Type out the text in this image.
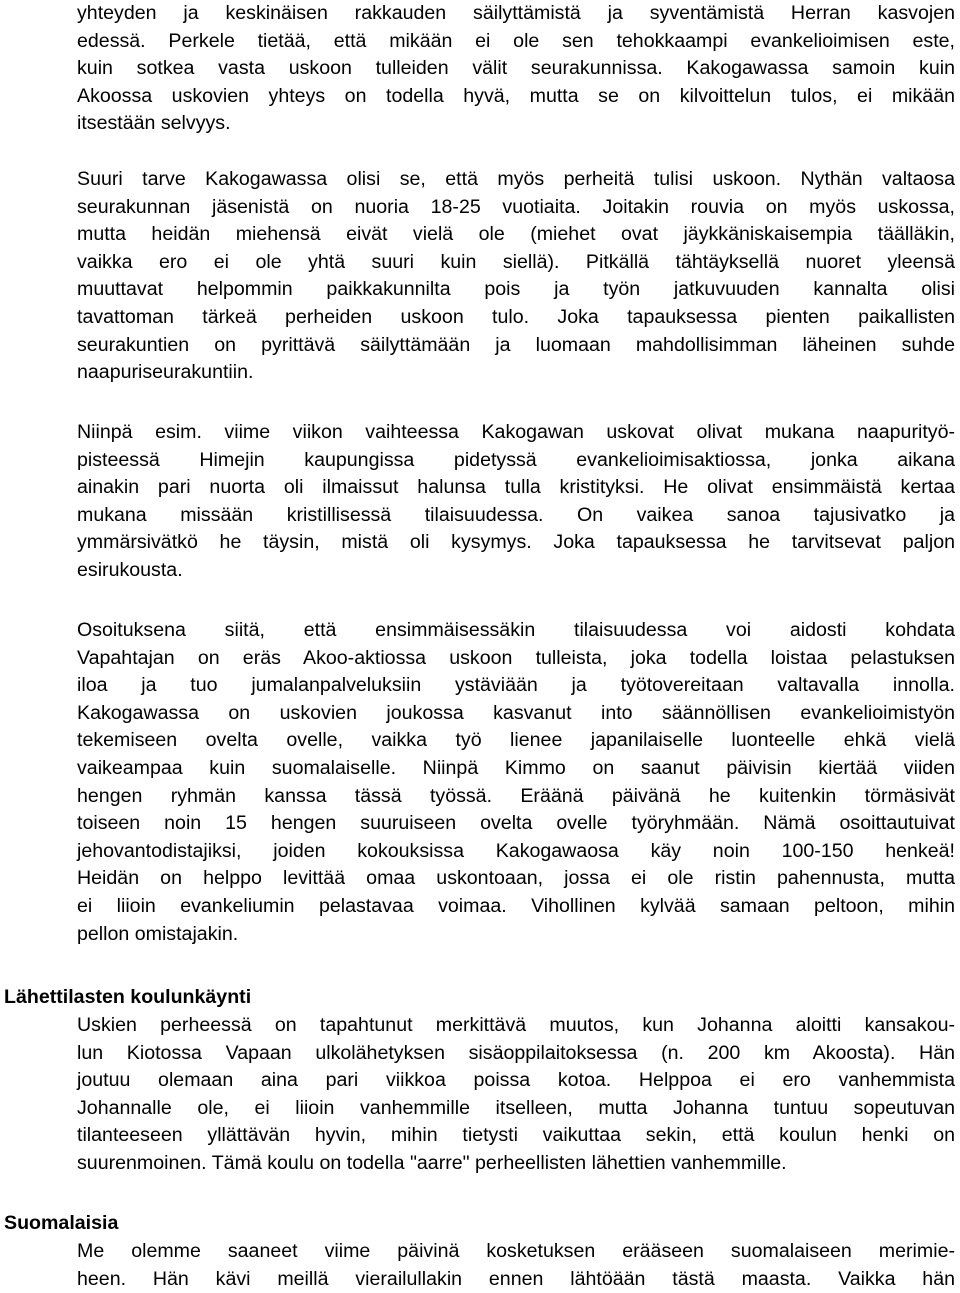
yhteyden ja keskinäisen rakkauden säilyttämistä ja syventämistä Herran kasvojen
edessä. Perkele tietää, että mikään ei ole sen tehokkaampi evankelioimisen este,
kuin sotkea vasta uskoon tulleiden välit seurakunnissa. Kakogawassa samoin kuin
Akoossa uskovien yhteys on todella hyvä, mutta se on kilvoittelun tulos, ei mikään
itsestään selvyys.
Suuri tarve Kakogawassa olisi se, että myös perheitä tulisi uskoon. Nythän valtaosa
seurakunnan jäsenistä on nuoria 18-25 vuotiaita. Joitakin rouvia on myös uskossa,
mutta heidän miehensä eivät vielä ole (miehet ovat jäykkäniskaisempia täälläkin,
vaikka ero ei ole yhtä suuri kuin siellä). Pitkällä tähtäyksellä nuoret yleensä
muuttavat helpommin paikkakunnilta pois ja työn jatkuvuuden kannalta olisi
tavattoman tärkeä perheiden uskoon tulo. Joka tapauksessa pienten paikallisten
seurakuntien on pyrittävä säilyttämään ja luomaan mahdollisimman läheinen suhde
naapuriseurakuntiin.
Niinpä esim. viime viikon vaihteessa Kakogawan uskovat olivat mukana naapurityö-
pisteessä Himejin kaupungissa pidetyssä evankelioimisaktiossa, jonka aikana
ainakin pari nuorta oli ilmaissut halunsa tulla kristityksi. He olivat ensimmäistä kertaa
mukana missään kristillisessä tilaisuudessa. On vaikea sanoa tajusivatko ja
ymmärsivätkö he täysin, mistä oli kysymys. Joka tapauksessa he tarvitsevat paljon
esirukousta.
Osoituksena siitä, että ensimmäisessäkin tilaisuudessa voi aidosti kohdata
Vapahtajan on eräs Akoo-aktiossa uskoon tulleista, joka todella loistaa pelastuksen
iloa ja tuo jumalanpalveluksiin ystäviään ja työtovereitaan valtavalla innolla.
Kakogawassa on uskovien joukossa kasvanut into säännöllisen evankelioimistyön
tekemiseen ovelta ovelle, vaikka työ lienee japanilaiselle luonteelle ehkä vielä
vaikeampaa kuin suomalaiselle. Niinpä Kimmo on saanut päivisin kiertää viiden
hengen ryhmän kanssa tässä työssä. Eräänä päivänä he kuitenkin törmäsivät
toiseen noin 15 hengen suuruiseen ovelta ovelle työryhmään. Nämä osoittautuivat
jehovantodistajiksi, joiden kokouksissa Kakogawaosa käy noin 100-150 henkeä!
Heidän on helppo levittää omaa uskontoaan, jossa ei ole ristin pahennusta, mutta
ei liioin evankeliumin pelastavaa voimaa. Vihollinen kylvää samaan peltoon, mihin
pellon omistajakin.
Lähettilasten koulunkäynti
Uskien perheessä on tapahtunut merkittävä muutos, kun Johanna aloitti kansakou-
lun Kiotossa Vapaan ulkolähetyksen sisäoppilaitoksessa (n. 200 km Akoosta). Hän
joutuu olemaan aina pari viikkoa poissa kotoa. Helppoa ei ero vanhemmista
Johannalle ole, ei liioin vanhemmille itselleen, mutta Johanna tuntuu sopeutuvan
tilanteeseen yllättävän hyvin, mihin tietysti vaikuttaa sekin, että koulun henki on
suurenmoinen. Tämä koulu on todella "aarre" perheellisten lähettien vanhemmille.
Suomalaisia
Me olemme saaneet viime päivinä kosketuksen erääseen suomalaiseen merimie-
heen. Hän kävi meillä vierailullakin ennen lähtöään tästä maasta. Vaikka hän
